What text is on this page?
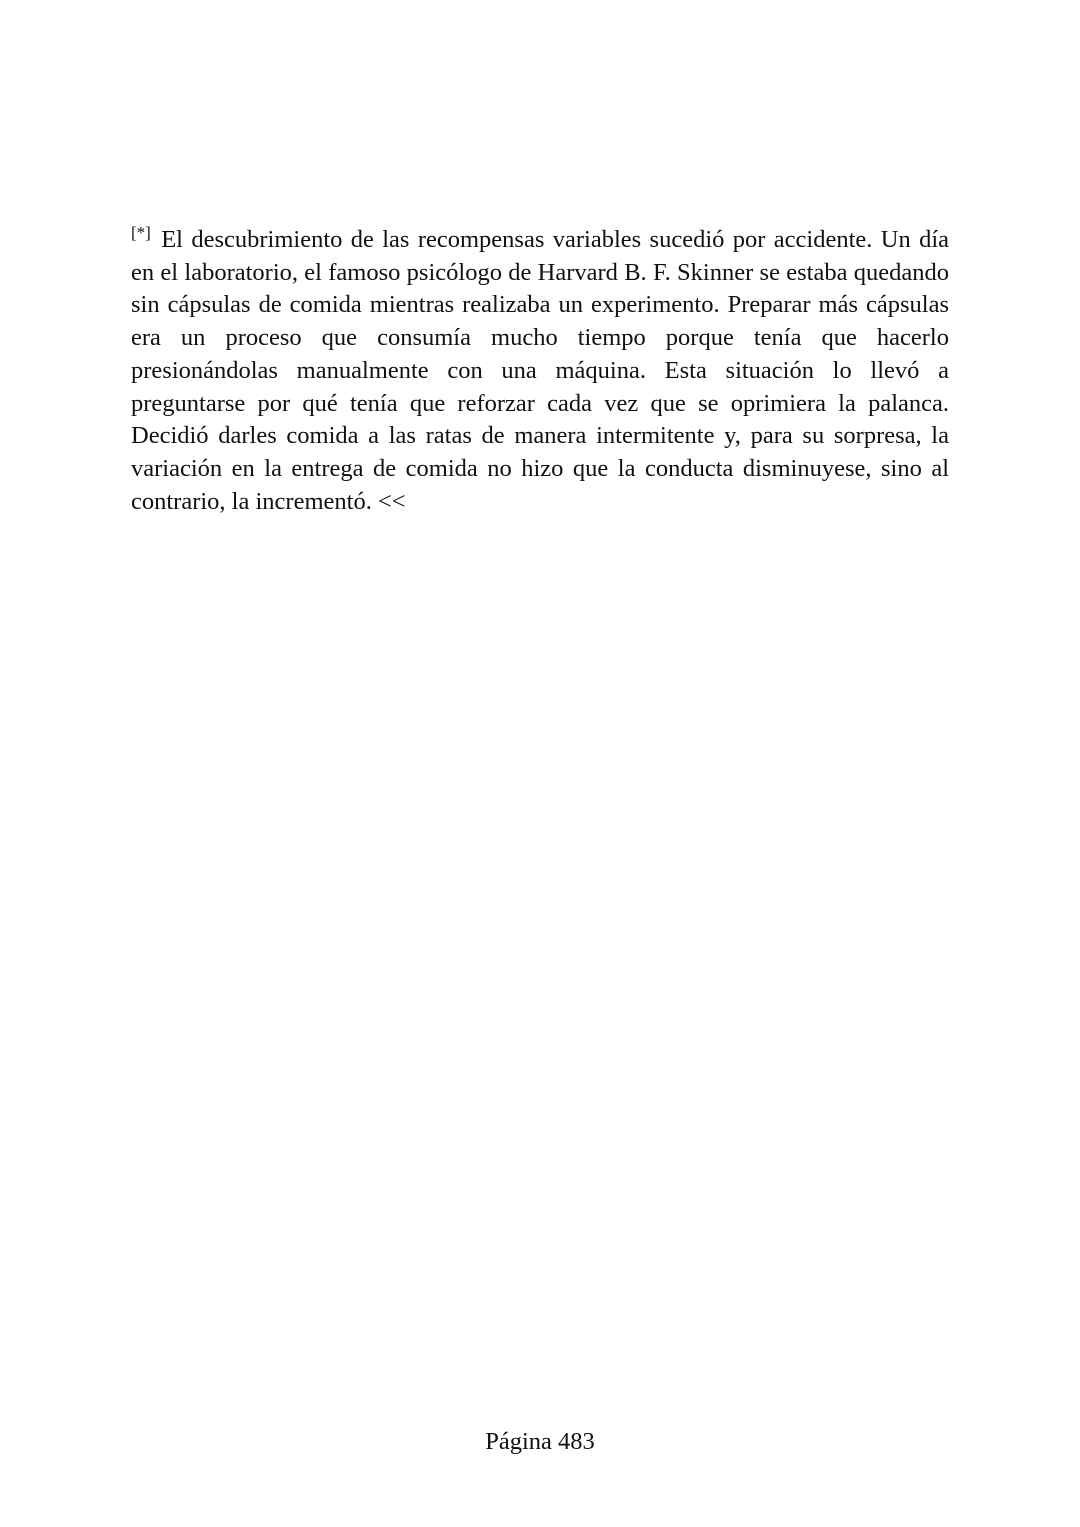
[*] El descubrimiento de las recompensas variables sucedió por accidente. Un día en el laboratorio, el famoso psicólogo de Harvard B. F. Skinner se estaba quedando sin cápsulas de comida mientras realizaba un experimento. Preparar más cápsulas era un proceso que consumía mucho tiempo porque tenía que hacerlo presionándolas manualmente con una máquina. Esta situación lo llevó a preguntarse por qué tenía que reforzar cada vez que se oprimiera la palanca. Decidió darles comida a las ratas de manera intermitente y, para su sorpresa, la variación en la entrega de comida no hizo que la conducta disminuyese, sino al contrario, la incrementó. <<

Página 483
